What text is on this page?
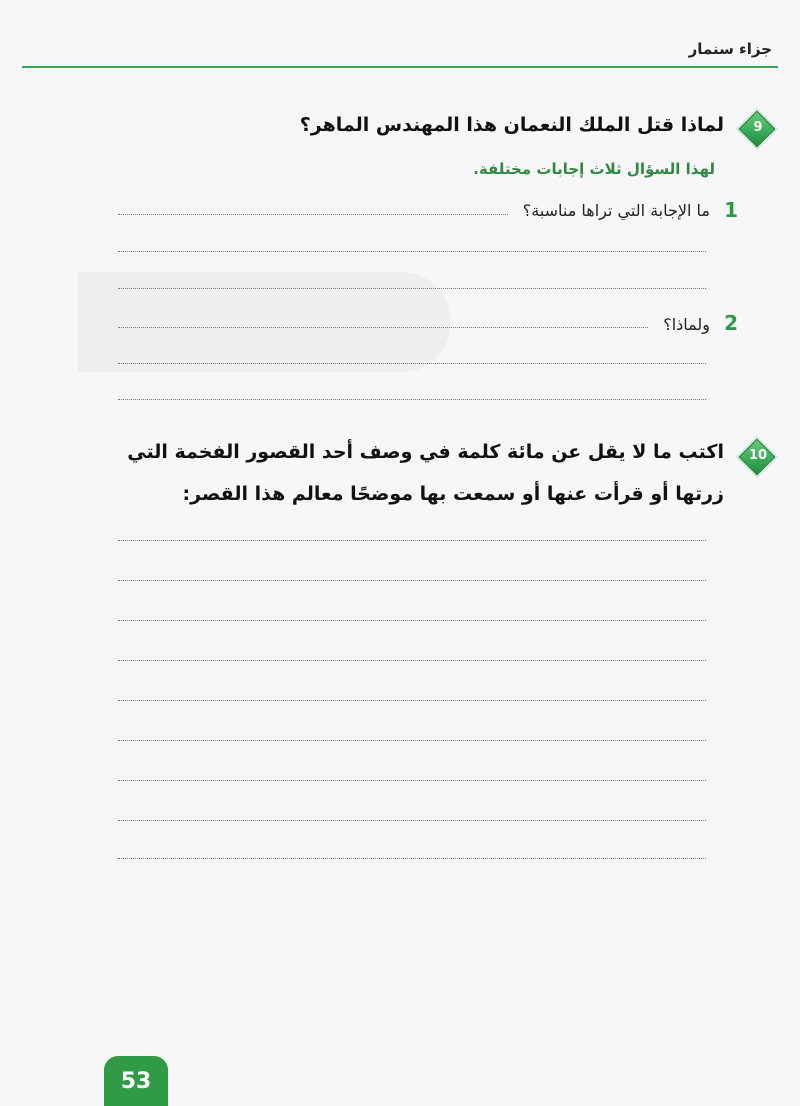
جزاء سنمار
9
لماذا قتل الملك النعمان هذا المهندس الماهر؟
لهذا السؤال ثلاث إجابات مختلفة.
1
ما الإجابة التي تراها مناسبة؟
2
ولماذا؟
10
اكتب ما لا يقل عن مائة كلمة في وصف أحد القصور الفخمة التي
زرتها أو قرأت عنها أو سمعت بها موضحًا معالم هذا القصر:
53
